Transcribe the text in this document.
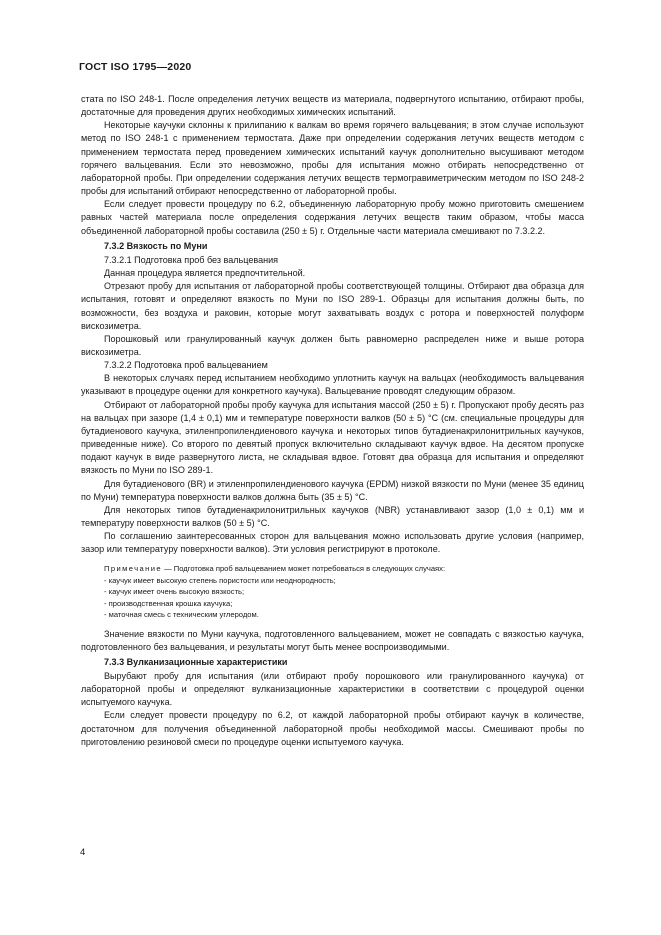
ГОСТ ISO 1795—2020

стата по ISO 248-1. После определения летучих веществ из материала, подвергнутого испытанию, отбирают пробы, достаточные для проведения других необходимых химических испытаний.

Некоторые каучуки склонны к прилипанию к валкам во время горячего вальцевания; в этом случае используют метод по ISO 248-1 с применением термостата. Даже при определении содержания летучих веществ методом с применением термостата перед проведением химических испытаний каучук дополнительно высушивают методом горячего вальцевания. Если это невозможно, пробы для испытания можно отбирать непосредственно от лабораторной пробы. При определении содержания летучих веществ термогравиметрическим методом по ISO 248-2 пробы для испытаний отбирают непосредственно от лабораторной пробы.

Если следует провести процедуру по 6.2, объединенную лабораторную пробу можно приготовить смешением равных частей материала после определения содержания летучих веществ таким образом, чтобы масса объединенной лабораторной пробы составила (250 ± 5) г. Отдельные части материала смешивают по 7.3.2.2.

7.3.2 Вязкость по Муни

7.3.2.1 Подготовка проб без вальцевания

Данная процедура является предпочтительной.

Отрезают пробу для испытания от лабораторной пробы соответствующей толщины. Отбирают два образца для испытания, готовят и определяют вязкость по Муни по ISO 289-1. Образцы для испытания должны быть, по возможности, без воздуха и раковин, которые могут захватывать воздух с ротора и поверхностей полуформ вискозиметра.

Порошковый или гранулированный каучук должен быть равномерно распределен ниже и выше ротора вискозиметра.

7.3.2.2 Подготовка проб вальцеванием

В некоторых случаях перед испытанием необходимо уплотнить каучук на вальцах (необходимость вальцевания указывают в процедуре оценки для конкретного каучука). Вальцевание проводят следующим образом.

Отбирают от лабораторной пробы пробу каучука для испытания массой (250 ± 5) г. Пропускают пробу десять раз на вальцах при зазоре (1,4 ± 0,1) мм и температуре поверхности валков (50 ± 5) °С (см. специальные процедуры для бутадиенового каучука, этиленпропилендиенового каучука и некоторых типов бутадиенакрилонитрильных каучуков, приведенные ниже). Со второго по девятый пропуск включительно складывают каучук вдвое. На десятом пропуске подают каучук в виде развернутого листа, не складывая вдвое. Готовят два образца для испытания и определяют вязкость по Муни по ISO 289-1.

Для бутадиенового (BR) и этиленпропилендиенового каучука (EPDM) низкой вязкости по Муни (менее 35 единиц по Муни) температура поверхности валков должна быть (35 ± 5) °С.

Для некоторых типов бутадиенакрилонитрильных каучуков (NBR) устанавливают зазор (1,0 ± 0,1) мм и температуру поверхности валков (50 ± 5) °С.

По соглашению заинтересованных сторон для вальцевания можно использовать другие условия (например, зазор или температуру поверхности валков). Эти условия регистрируют в протоколе.

Примечание — Подготовка проб вальцеванием может потребоваться в следующих случаях:
- каучук имеет высокую степень пористости или неоднородность;
- каучук имеет очень высокую вязкость;
- производственная крошка каучука;
- маточная смесь с техническим углеродом.

Значение вязкости по Муни каучука, подготовленного вальцеванием, может не совпадать с вязкостью каучука, подготовленного без вальцевания, и результаты могут быть менее воспроизводимыми.

7.3.3 Вулканизационные характеристики

Вырубают пробу для испытания (или отбирают пробу порошкового или гранулированного каучука) от лабораторной пробы и определяют вулканизационные характеристики в соответствии с процедурой оценки испытуемого каучука.

Если следует провести процедуру по 6.2, от каждой лабораторной пробы отбирают каучук в количестве, достаточном для получения объединенной лабораторной пробы необходимой массы. Смешивают пробы по приготовлению резиновой смеси по процедуре оценки испытуемого каучука.

4
